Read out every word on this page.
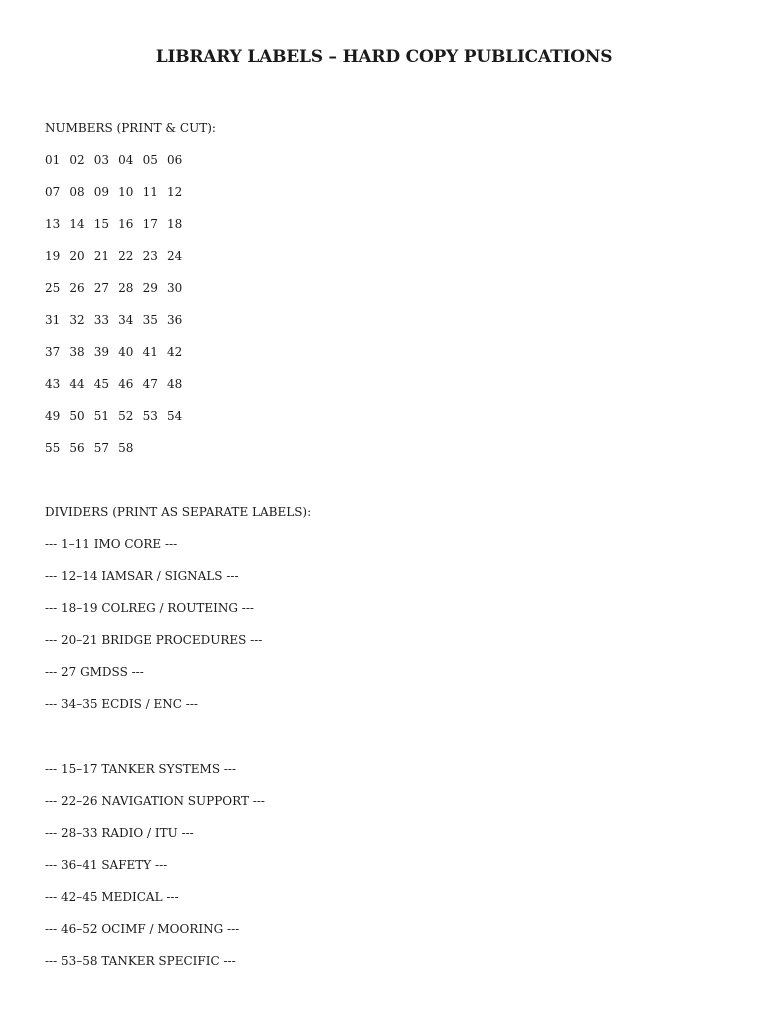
LIBRARY LABELS – HARD COPY PUBLICATIONS
NUMBERS (PRINT & CUT):
01 02 03 04 05 06
07 08 09 10 11 12
13 14 15 16 17 18
19 20 21 22 23 24
25 26 27 28 29 30
31 32 33 34 35 36
37 38 39 40 41 42
43 44 45 46 47 48
49 50 51 52 53 54
55 56 57 58
DIVIDERS (PRINT AS SEPARATE LABELS):
--- 1–11 IMO CORE ---
--- 12–14 IAMSAR / SIGNALS ---
--- 18–19 COLREG / ROUTEING ---
--- 20–21 BRIDGE PROCEDURES ---
--- 27 GMDSS ---
--- 34–35 ECDIS / ENC ---
--- 15–17 TANKER SYSTEMS ---
--- 22–26 NAVIGATION SUPPORT ---
--- 28–33 RADIO / ITU ---
--- 36–41 SAFETY ---
--- 42–45 MEDICAL ---
--- 46–52 OCIMF / MOORING ---
--- 53–58 TANKER SPECIFIC ---
